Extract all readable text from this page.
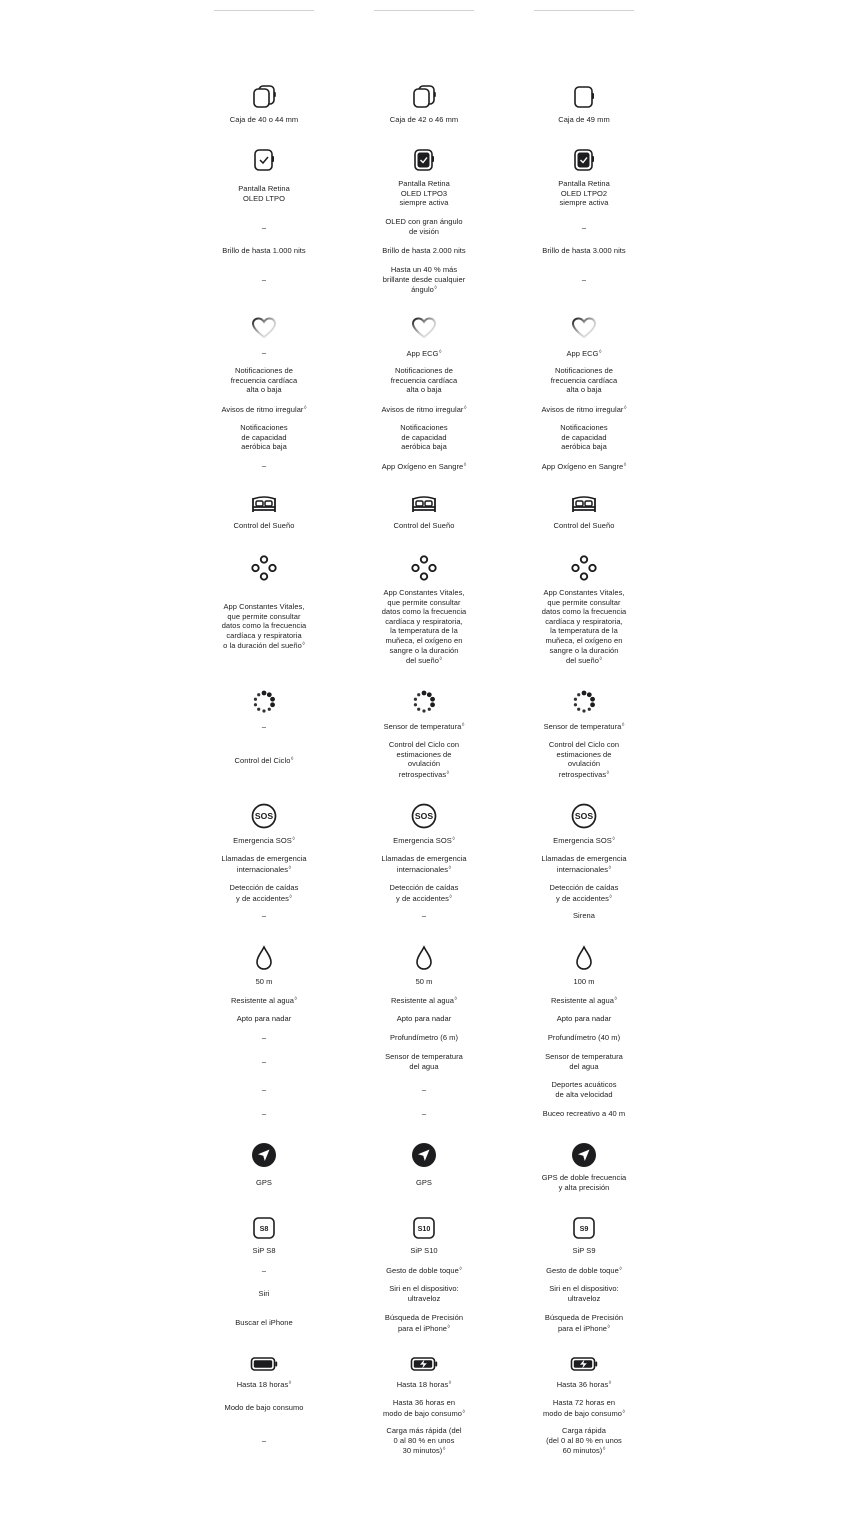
Caja de 40 o 44 mm
Pantalla Retina
OLED LTPO
–
Brillo de hasta 1.000 nits
–
–
Notificaciones de
frecuencia cardíaca
alta o baja
Avisos de ritmo irregular◊
Notificaciones
de capacidad
aeróbica baja
–
Control del Sueño
App Constantes Vitales,
que permite consultar
datos como la frecuencia
cardíaca y respiratoria
o la duración del sueño◊
–
Control del Ciclo◊
Emergencia SOS◊
Llamadas de emergencia
internacionales◊
Detección de caídas
y de accidentes◊
–
50 m
Resistente al agua◊
Apto para nadar
–
–
–
–
GPS
SiP S8
–
Siri
Buscar el iPhone
Hasta 18 horas◊
Modo de bajo consumo
–
SOS
S8
Caja de 42 o 46 mm
Pantalla Retina
OLED LTPO3
siempre activa
OLED con gran ángulo
de visión
Brillo de hasta 2.000 nits
Hasta un 40 % más
brillante desde cualquier
ángulo◊
App ECG◊
Notificaciones de
frecuencia cardíaca
alta o baja
Avisos de ritmo irregular◊
Notificaciones
de capacidad
aeróbica baja
App Oxígeno en Sangre◊
Control del Sueño
App Constantes Vitales,
que permite consultar
datos como la frecuencia
cardíaca y respiratoria,
la temperatura de la
muñeca, el oxígeno en
sangre o la duración
del sueño◊
Sensor de temperatura◊
Control del Ciclo con
estimaciones de
ovulación
retrospectivas◊
Emergencia SOS◊
Llamadas de emergencia
internacionales◊
Detección de caídas
y de accidentes◊
–
50 m
Resistente al agua◊
Apto para nadar
Profundímetro (6 m)
Sensor de temperatura
del agua
–
–
GPS
SiP S10
Gesto de doble toque◊
Siri en el dispositivo:
ultraveloz
Búsqueda de Precisión
para el iPhone◊
Hasta 18 horas◊
Hasta 36 horas en
modo de bajo consumo◊
Carga más rápida (del
0 al 80 % en unos
30 minutos)◊
SOS
S10
Caja de 49 mm
Pantalla Retina
OLED LTPO2
siempre activa
–
Brillo de hasta 3.000 nits
–
App ECG◊
Notificaciones de
frecuencia cardíaca
alta o baja
Avisos de ritmo irregular◊
Notificaciones
de capacidad
aeróbica baja
App Oxígeno en Sangre◊
Control del Sueño
App Constantes Vitales,
que permite consultar
datos como la frecuencia
cardíaca y respiratoria,
la temperatura de la
muñeca, el oxígeno en
sangre o la duración
del sueño◊
Sensor de temperatura◊
Control del Ciclo con
estimaciones de
ovulación
retrospectivas◊
Emergencia SOS◊
Llamadas de emergencia
internacionales◊
Detección de caídas
y de accidentes◊
Sirena
100 m
Resistente al agua◊
Apto para nadar
Profundímetro (40 m)
Sensor de temperatura
del agua
Deportes acuáticos
de alta velocidad
Buceo recreativo a 40 m
GPS de doble frecuencia
y alta precisión
SiP S9
Gesto de doble toque◊
Siri en el dispositivo:
ultraveloz
Búsqueda de Precisión
para el iPhone◊
Hasta 36 horas◊
Hasta 72 horas en
modo de bajo consumo◊
Carga rápida
(del 0 al 80 % en unos
60 minutos)◊
SOS
S9
